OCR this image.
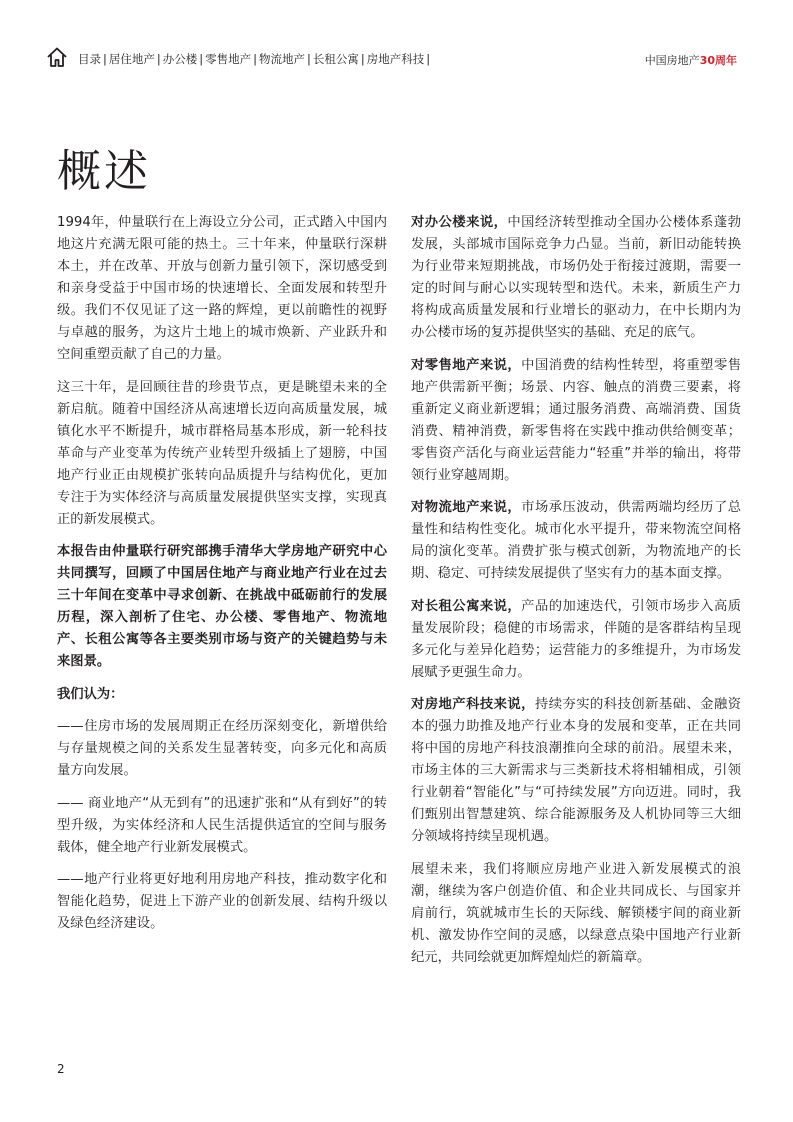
目录 | 居住地产 | 办公楼 | 零售地产 | 物流地产 | 长租公寓 | 房地产科技 |	中国房地产30周年
概述

1994年，仲量联行在上海设立分公司，正式踏入中国内地这片充满无限可能的热土。三十年来，仲量联行深耕本土，并在改革、开放与创新力量引领下，深切感受到和亲身受益于中国市场的快速增长、全面发展和转型升级。我们不仅见证了这一路的辉煌，更以前瞻性的视野与卓越的服务，为这片土地上的城市焕新、产业跃升和空间重塑贡献了自己的力量。

这三十年，是回顾往昔的珍贵节点，更是眺望未来的全新启航。随着中国经济从高速增长迈向高质量发展，城镇化水平不断提升，城市群格局基本形成，新一轮科技革命与产业变革为传统产业转型升级插上了翅膀，中国地产行业正由规模扩张转向品质提升与结构优化，更加专注于为实体经济与高质量发展提供坚实支撑，实现真正的新发展模式。

本报告由仲量联行研究部携手清华大学房地产研究中心共同撰写，回顾了中国居住地产与商业地产行业在过去三十年间在变革中寻求创新、在挑战中砥砺前行的发展历程，深入剖析了住宅、办公楼、零售地产、物流地产、长租公寓等各主要类别市场与资产的关键趋势与未来图景。

我们认为：

——住房市场的发展周期正在经历深刻变化，新增供给与存量规模之间的关系发生显著转变，向多元化和高质量方向发展。

—— 商业地产“从无到有”的迅速扩张和“从有到好”的转型升级，为实体经济和人民生活提供适宜的空间与服务载体，健全地产行业新发展模式。

——地产行业将更好地利用房地产科技，推动数字化和智能化趋势，促进上下游产业的创新发展、结构升级以及绿色经济建设。

对办公楼来说，中国经济转型推动全国办公楼体系蓬勃发展，头部城市国际竞争力凸显。当前，新旧动能转换为行业带来短期挑战，市场仍处于衔接过渡期，需要一定的时间与耐心以实现转型和迭代。未来，新质生产力将构成高质量发展和行业增长的驱动力，在中长期内为办公楼市场的复苏提供坚实的基础、充足的底气。

对零售地产来说，中国消费的结构性转型，将重塑零售地产供需新平衡；场景、内容、触点的消费三要素，将重新定义商业新逻辑；通过服务消费、高端消费、国货消费、精神消费，新零售将在实践中推动供给侧变革；零售资产活化与商业运营能力“轻重”并举的输出，将带领行业穿越周期。

对物流地产来说，市场承压波动，供需两端均经历了总量性和结构性变化。城市化水平提升，带来物流空间格局的演化变革。消费扩张与模式创新，为物流地产的长期、稳定、可持续发展提供了坚实有力的基本面支撑。

对长租公寓来说，产品的加速迭代，引领市场步入高质量发展阶段；稳健的市场需求，伴随的是客群结构呈现多元化与差异化趋势；运营能力的多维提升，为市场发展赋予更强生命力。

对房地产科技来说，持续夯实的科技创新基础、金融资本的强力助推及地产行业本身的发展和变革，正在共同将中国的房地产科技浪潮推向全球的前沿。展望未来，市场主体的三大新需求与三类新技术将相辅相成，引领行业朝着“智能化”与“可持续发展”方向迈进。同时，我们甄别出智慧建筑、综合能源服务及人机协同等三大细分领域将持续呈现机遇。

展望未来，我们将顺应房地产业进入新发展模式的浪潮，继续为客户创造价值、和企业共同成长、与国家并肩前行，筑就城市生长的天际线、解锁楼宇间的商业新机、激发协作空间的灵感，以绿意点染中国地产行业新纪元，共同绘就更加辉煌灿烂的新篇章。

2
